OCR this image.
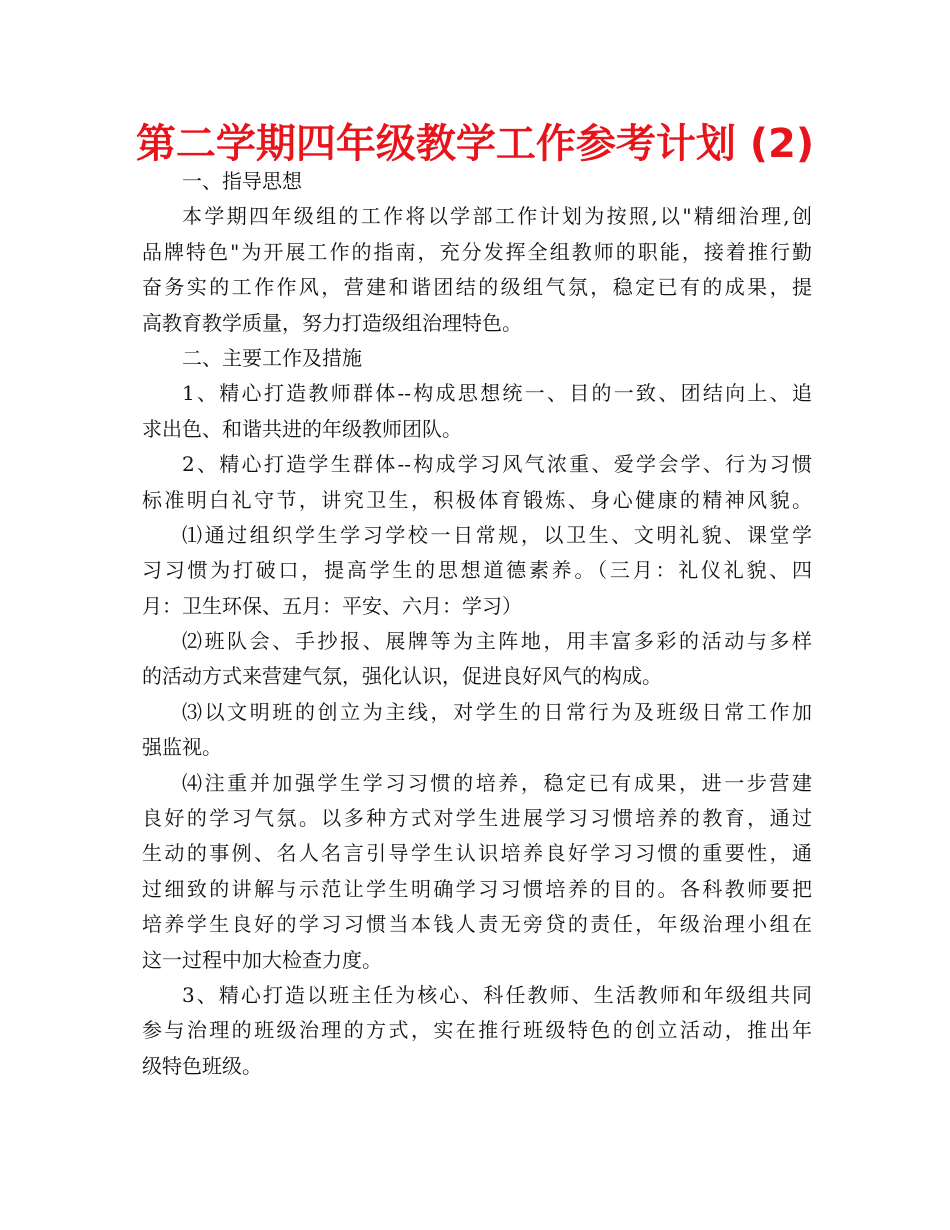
第二学期四年级教学工作参考计划 (2)
一、指导思想
本学期四年级组的工作将以学部工作计划为按照,以"精细治理,创
品牌特色"为开展工作的指南，充分发挥全组教师的职能，接着推行勤
奋务实的工作作风，营建和谐团结的级组气氛，稳定已有的成果，提
高教育教学质量，努力打造级组治理特色。
二、主要工作及措施
1、精心打造教师群体--构成思想统一、目的一致、团结向上、追
求出色、和谐共进的年级教师团队。
2、精心打造学生群体--构成学习风气浓重、爱学会学、行为习惯
标准明白礼守节，讲究卫生，积极体育锻炼、身心健康的精神风貌。
⑴通过组织学生学习学校一日常规，以卫生、文明礼貌、课堂学
习习惯为打破口，提高学生的思想道德素养。（三月：礼仪礼貌、四
月：卫生环保、五月：平安、六月：学习）
⑵班队会、手抄报、展牌等为主阵地，用丰富多彩的活动与多样
的活动方式来营建气氛，强化认识，促进良好风气的构成。
⑶以文明班的创立为主线，对学生的日常行为及班级日常工作加
强监视。
⑷注重并加强学生学习习惯的培养，稳定已有成果，进一步营建
良好的学习气氛。以多种方式对学生进展学习习惯培养的教育，通过
生动的事例、名人名言引导学生认识培养良好学习习惯的重要性，通
过细致的讲解与示范让学生明确学习习惯培养的目的。各科教师要把
培养学生良好的学习习惯当本钱人责无旁贷的责任，年级治理小组在
这一过程中加大检查力度。
3、精心打造以班主任为核心、科任教师、生活教师和年级组共同
参与治理的班级治理的方式，实在推行班级特色的创立活动，推出年
级特色班级。
